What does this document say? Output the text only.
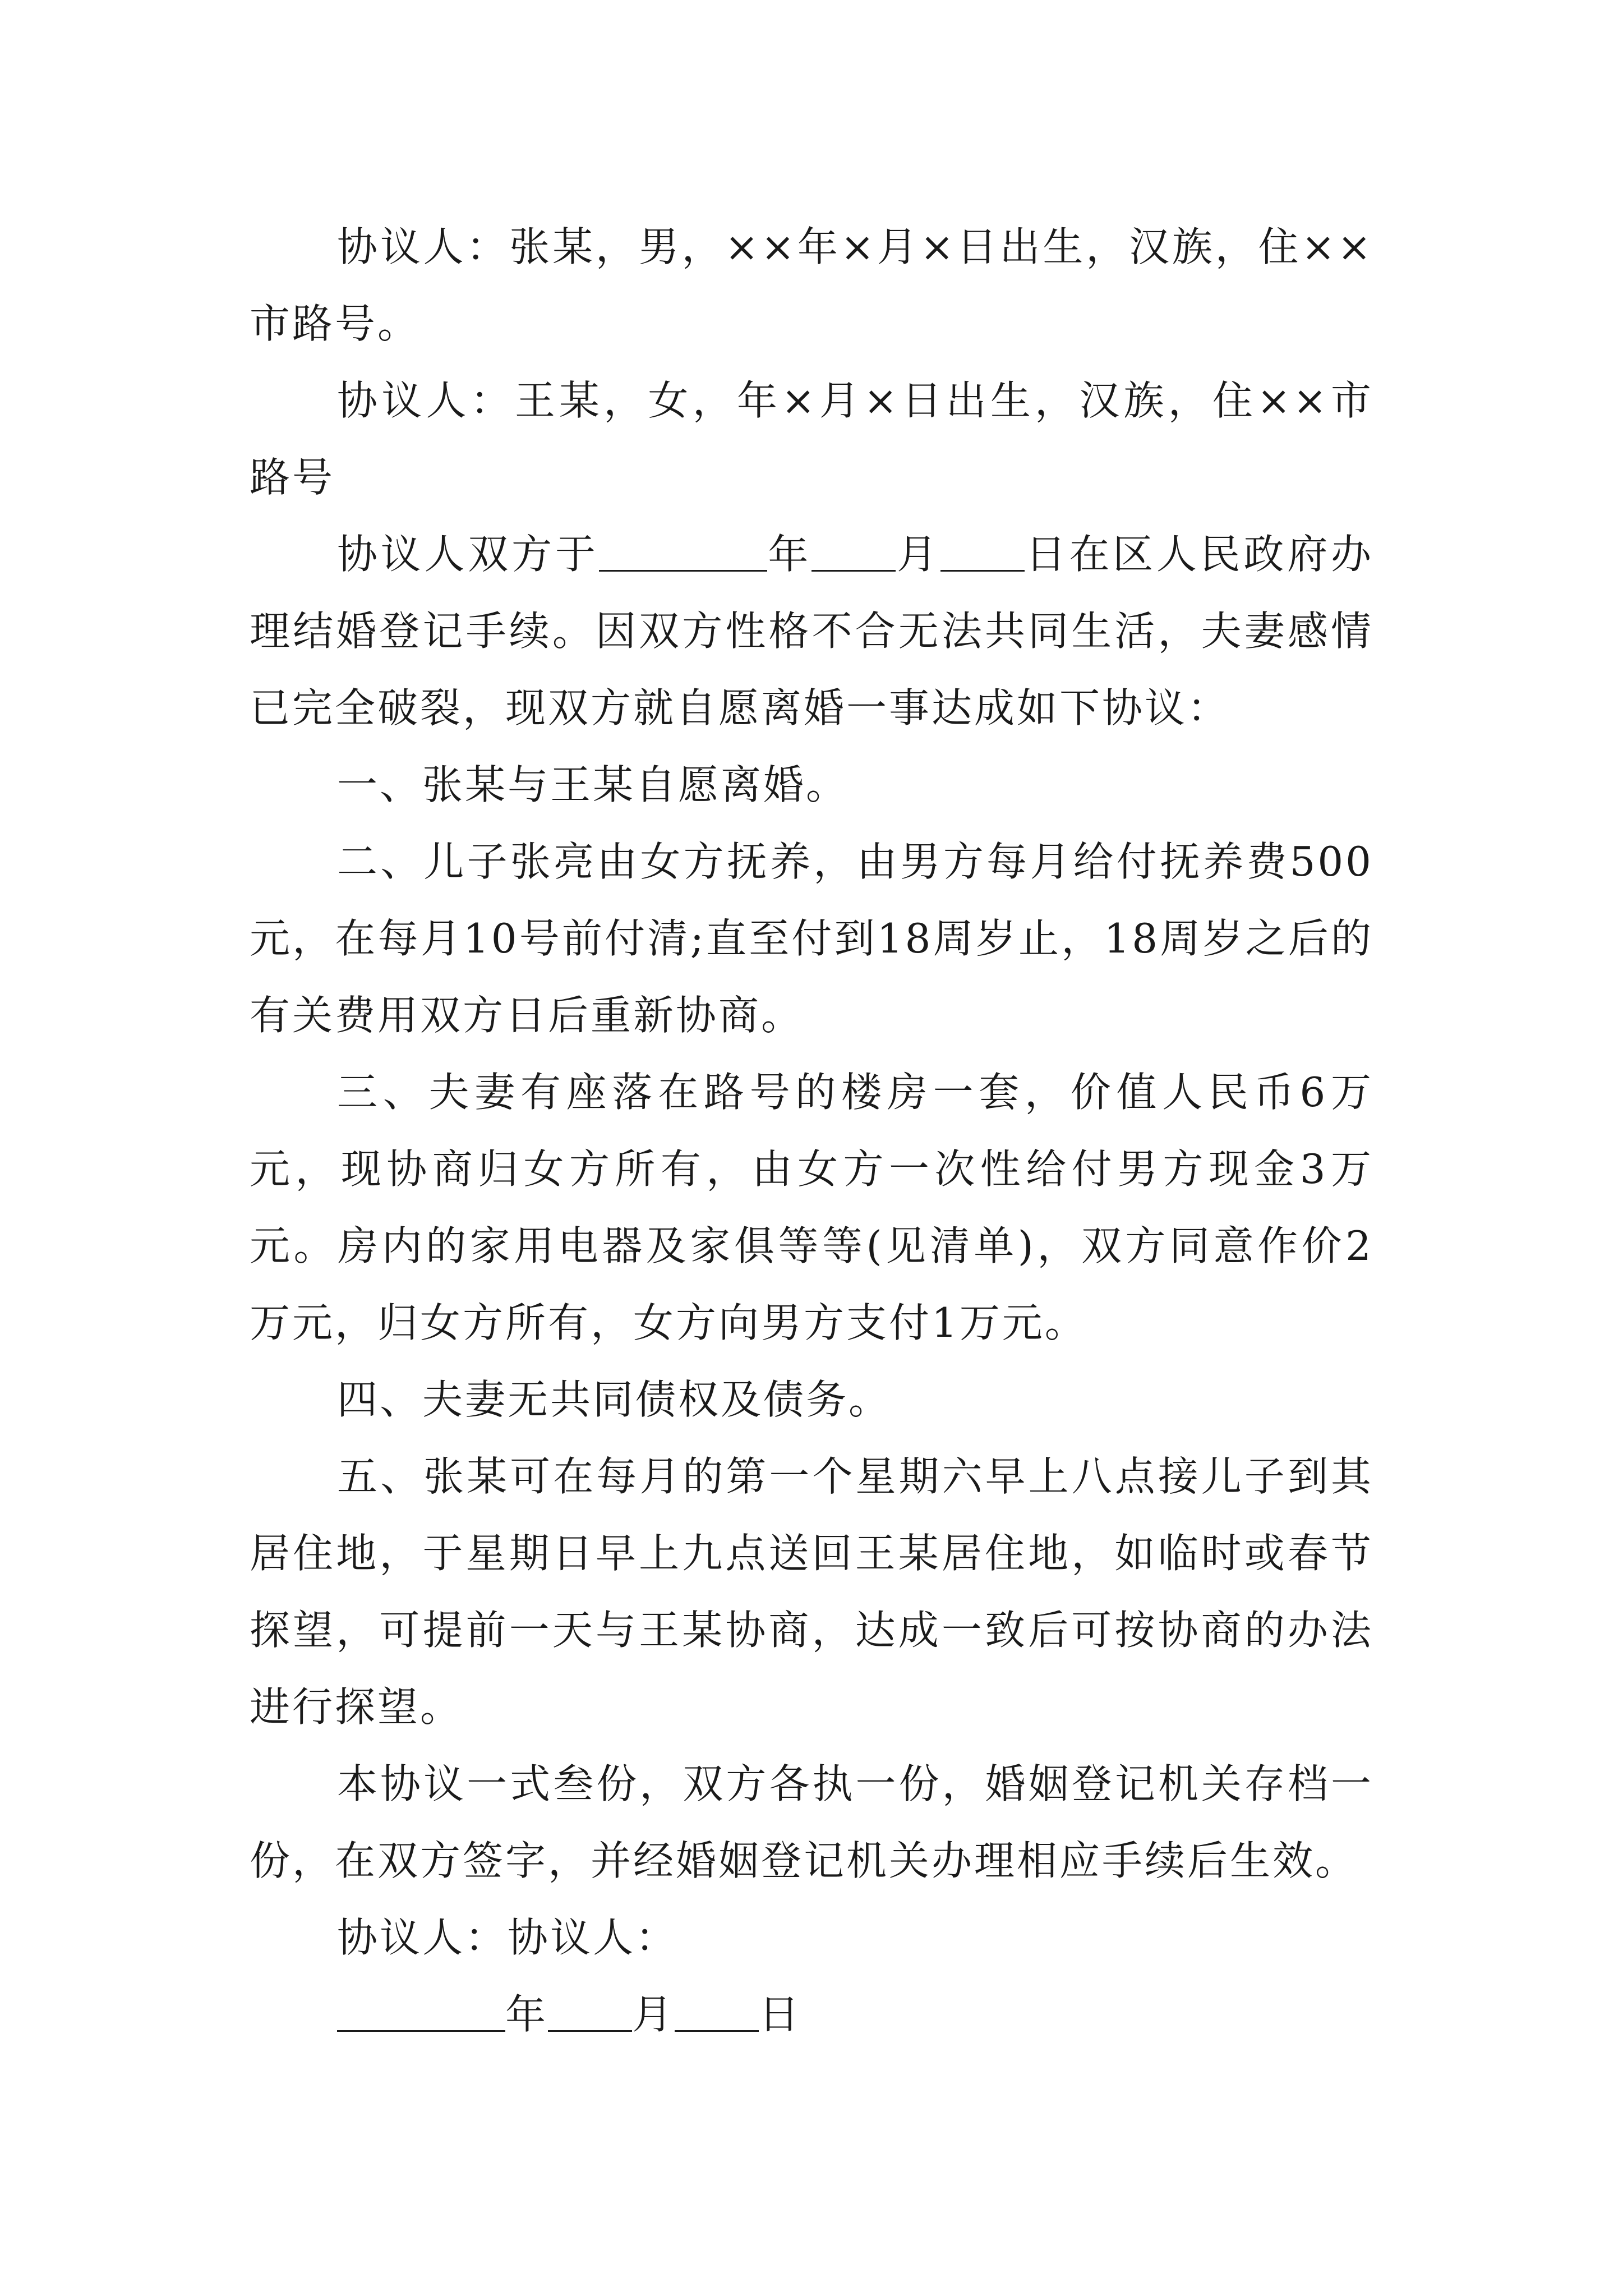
协议人：张某，男，××年×月×日出生，汉族，住××市路号。

协议人：王某，女，年×月×日出生，汉族，住××市路号

协议人双方于	年 月 日在区人民政府办理结婚登记手续。因双方性格不合无法共同生活，夫妻感情已完全破裂，现双方就自愿离婚一事达成如下协议：

一、张某与王某自愿离婚。

二、儿子张亮由女方抚养，由男方每月给付抚养费500元，在每月10号前付清;直至付到18周岁止，18周岁之后的有关费用双方日后重新协商。

三、夫妻有座落在路号的楼房一套，价值人民币6万元，现协商归女方所有，由女方一次性给付男方现金3万元。房内的家用电器及家俱等等(见清单)，双方同意作价2万元，归女方所有，女方向男方支付1万元。

四、夫妻无共同债权及债务。

五、张某可在每月的第一个星期六早上八点接儿子到其居住地，于星期日早上九点送回王某居住地，如临时或春节探望，可提前一天与王某协商，达成一致后可按协商的办法进行探望。

本协议一式叁份，双方各执一份，婚姻登记机关存档一份，在双方签字，并经婚姻登记机关办理相应手续后生效。

协议人：协议人：

年 月 日
